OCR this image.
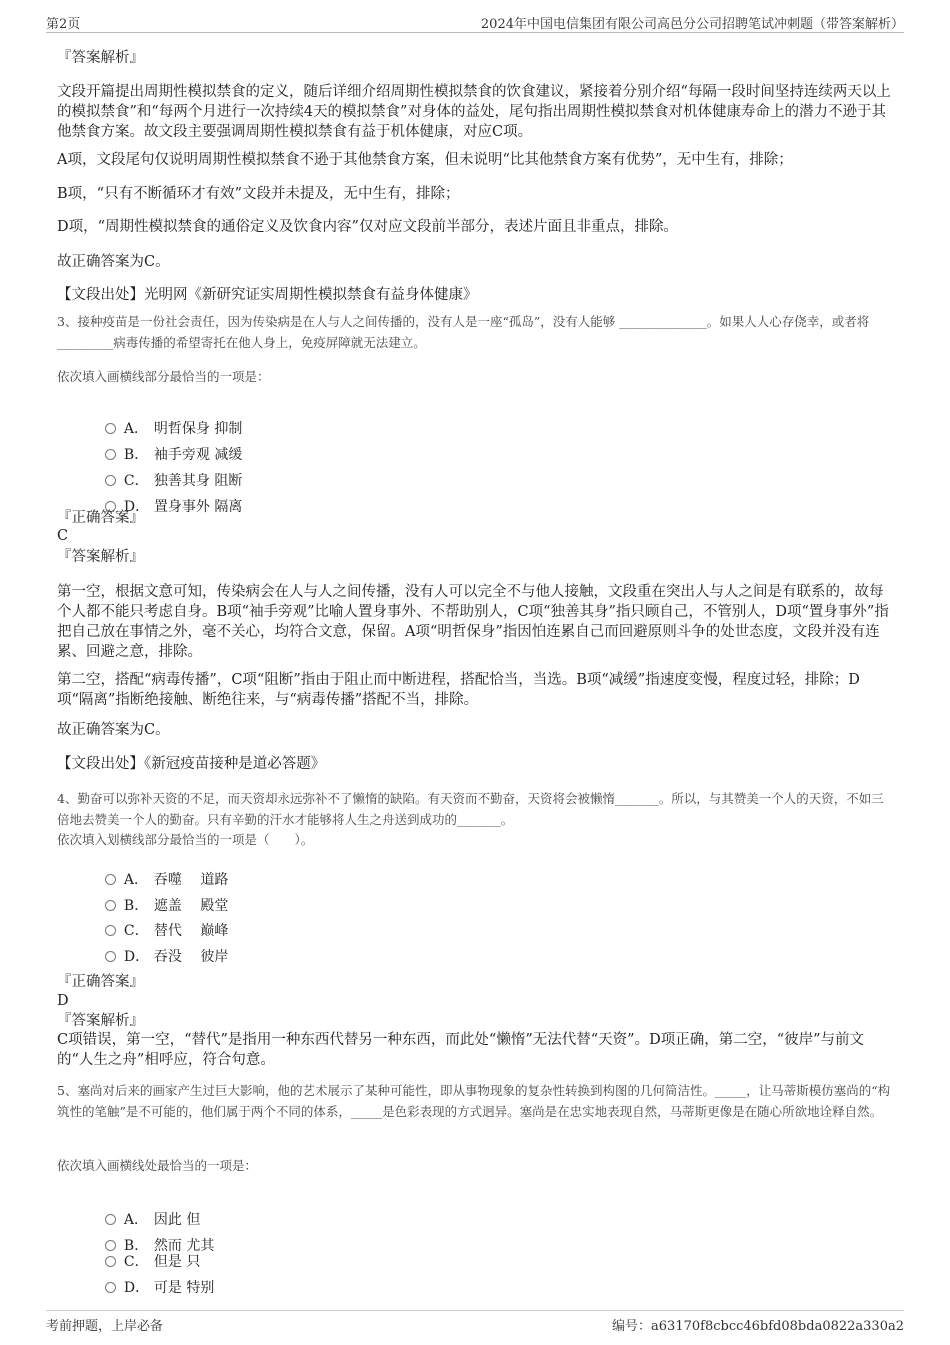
第2页	2024年中国电信集团有限公司高邑分公司招聘笔试冲刺题（带答案解析）

『答案解析』

文段开篇提出周期性模拟禁食的定义，随后详细介绍周期性模拟禁食的饮食建议，紧接着分别介绍“每隔一段时间坚持连续两天以上的模拟禁食”和“每两个月进行一次持续4天的模拟禁食”对身体的益处，尾句指出周期性模拟禁食对机体健康寿命上的潜力不逊于其他禁食方案。故文段主要强调周期性模拟禁食有益于机体健康，对应C项。

A项，文段尾句仅说明周期性模拟禁食不逊于其他禁食方案，但未说明“比其他禁食方案有优势”，无中生有，排除；

B项，“只有不断循环才有效”文段并未提及，无中生有，排除；

D项，“周期性模拟禁食的通俗定义及饮食内容”仅对应文段前半部分，表述片面且非重点，排除。

故正确答案为C。

【文段出处】光明网《新研究证实周期性模拟禁食有益身体健康》

3、接种疫苗是一份社会责任，因为传染病是在人与人之间传播的，没有人是一座“孤岛”，没有人能够 ______________。如果人人心存侥幸，或者将 _________病毒传播的希望寄托在他人身上，免疫屏障就无法建立。

依次填入画横线部分最恰当的一项是：

A． 明哲保身 抑制

B． 袖手旁观 减缓

C． 独善其身 阻断

D． 置身事外 隔离

『正确答案』

C

『答案解析』

第一空，根据文意可知，传染病会在人与人之间传播，没有人可以完全不与他人接触，文段重在突出人与人之间是有联系的，故每个人都不能只考虑自身。B项“袖手旁观”比喻人置身事外、不帮助别人，C项“独善其身”指只顾自己，不管别人，D项“置身事外”指把自己放在事情之外，毫不关心，均符合文意，保留。A项“明哲保身”指因怕连累自己而回避原则斗争的处世态度，文段并没有连累、回避之意，排除。

第二空，搭配“病毒传播”，C项“阻断”指由于阻止而中断进程，搭配恰当，当选。B项“减缓”指速度变慢，程度过轻，排除；D项“隔离”指断绝接触、断绝往来，与“病毒传播”搭配不当，排除。

故正确答案为C。

【文段出处】《新冠疫苗接种是道必答题》

4、勤奋可以弥补天资的不足，而天资却永远弥补不了懒惰的缺陷。有天资而不勤奋，天资将会被懒惰_______。所以，与其赞美一个人的天资，不如三倍地去赞美一个人的勤奋。只有辛勤的汗水才能够将人生之舟送到成功的_______。

依次填入划横线部分最恰当的一项是（　　）。

A． 吞噬　 道路

B． 遮盖　 殿堂

C． 替代　 巅峰

D． 吞没　 彼岸

『正确答案』

D

『答案解析』

C项错误，第一空，“替代”是指用一种东西代替另一种东西，而此处“懒惰”无法代替“天资”。D项正确，第二空，“彼岸”与前文的“人生之舟”相呼应，符合句意。

5、塞尚对后来的画家产生过巨大影响，他的艺术展示了某种可能性，即从事物现象的复杂性转换到构图的几何简洁性。_____，让马蒂斯模仿塞尚的“构筑性的笔触”是不可能的，他们属于两个不同的体系，_____是色彩表现的方式迥异。塞尚是在忠实地表现自然，马蒂斯更像是在随心所欲地诠释自然。

依次填入画横线处最恰当的一项是：

A． 因此 但

B． 然而 尤其

C． 但是 只

D． 可是 特别

考前押题，上岸必备	编号：a63170f8cbcc46bfd08bda0822a330a2
